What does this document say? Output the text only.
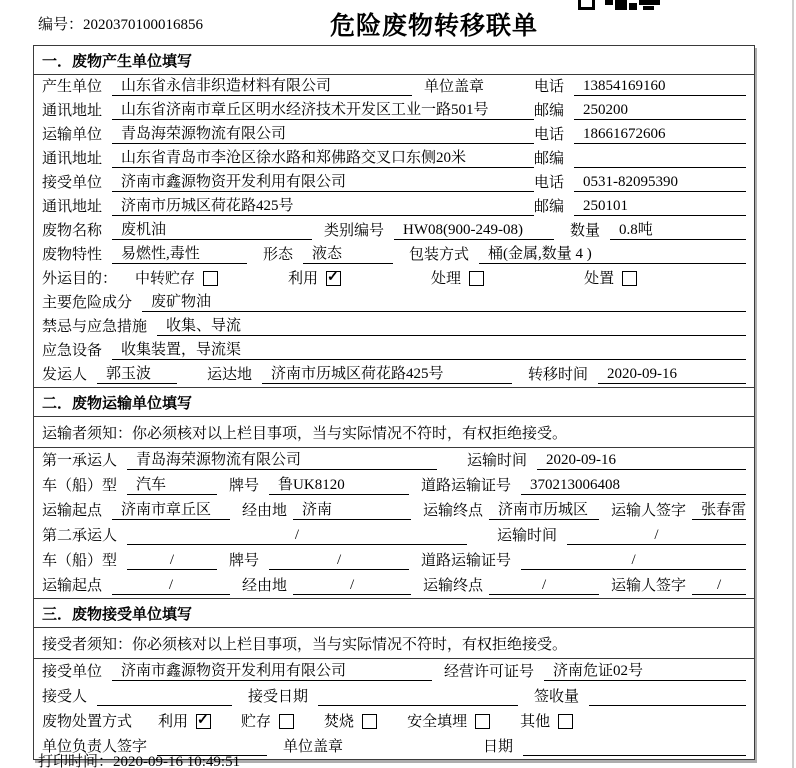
编号：2020370100016856	危险废物转移联单
一．废物产生单位填写
产生单位	山东省永信非织造材料有限公司	单位盖章	电话	13854169160
通讯地址	山东省济南市章丘区明水经济技术开发区工业一路501号	邮编	250200
运输单位	青岛海荣源物流有限公司	电话	18661672606
通讯地址	山东省青岛市李沧区徐水路和郑佛路交叉口东侧20米	邮编
接受单位	济南市鑫源物资开发利用有限公司	电话	0531-82095390
通讯地址	济南市历城区荷花路425号	邮编	250101
废物名称	废机油	类别编号	HW08(900-249-08)	数量	0.8吨
废物特性	易燃性,毒性	形态	液态	包装方式	桶(金属,数量 4 )
外运目的： 中转贮存	利用 ✓	处理	处置
主要危险成分	废矿物油
禁忌与应急措施	收集、导流
应急设备	收集装置，导流渠
发运人	郭玉波	运达地	济南市历城区荷花路425号	转移时间	2020-09-16
二．废物运输单位填写
运输者须知：你必须核对以上栏目事项，当与实际情况不符时，有权拒绝接受。
第一承运人	青岛海荣源物流有限公司	运输时间	2020-09-16
车（船）型	汽车	牌号	鲁UK8120	道路运输证号	370213006408
运输起点	济南市章丘区	经由地	济南	运输终点	济南市历城区	运输人签字	张春雷
第二承运人	/	运输时间	/
车（船）型	/	牌号	/	道路运输证号	/
运输起点	/	经由地	/	运输终点	/	运输人签字	/
三．废物接受单位填写
接受者须知：你必须核对以上栏目事项，当与实际情况不符时，有权拒绝接受。
接受单位	济南市鑫源物资开发利用有限公司	经营许可证号	济南危证02号
接受人	接受日期	签收量
废物处置方式 利用 ✓	贮存	焚烧	安全填埋	其他
单位负责人签字	单位盖章	日期
打印时间：2020-09-16 10:49:51
